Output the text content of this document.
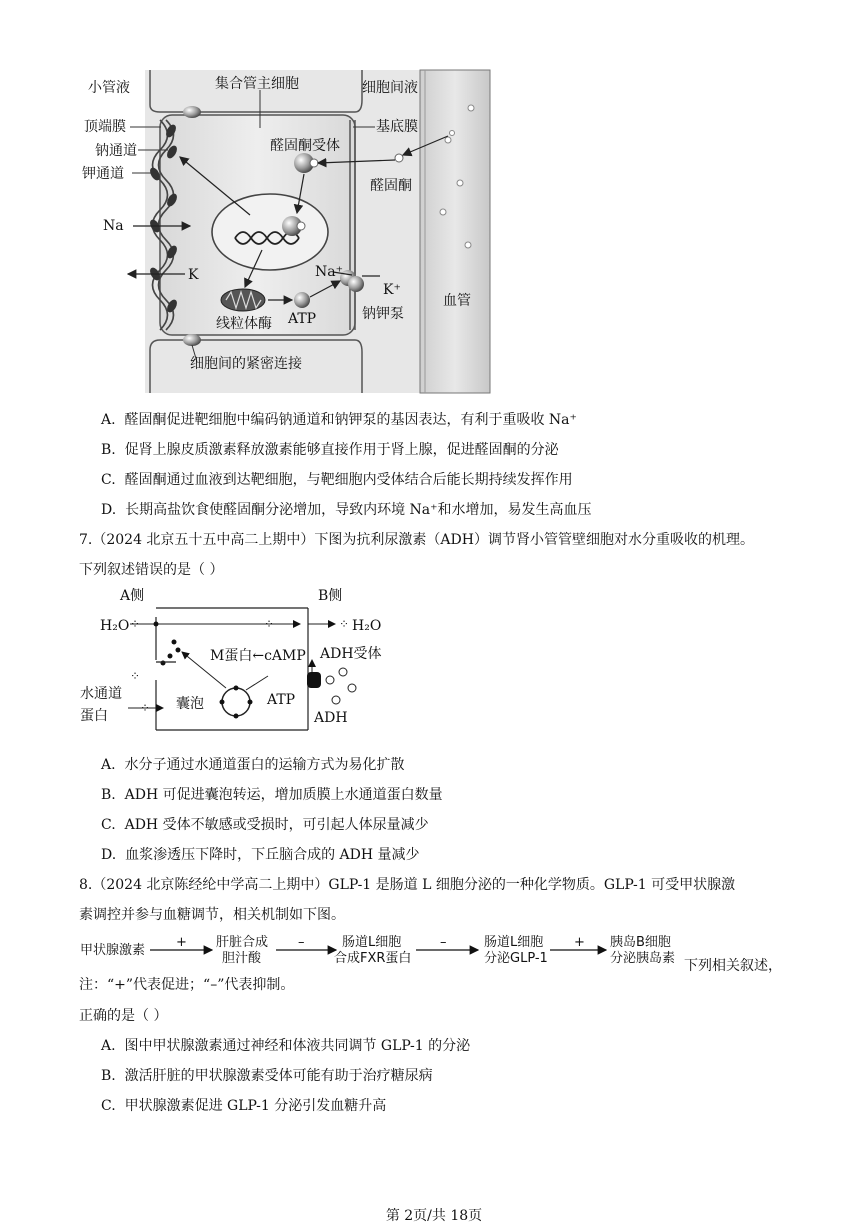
小管液	集合管主细胞	细胞间液
顶端膜	基底膜
钠通道	醛固酮受体
钾通道
醛固酮
Na
Na⁺
K
K⁺
血管
ATP
线粒体酶
钠钾泵
细胞间的紧密连接
A. 醛固酮促进靶细胞中编码钠通道和钠钾泵的基因表达，有利于重吸收 Na⁺
B. 促肾上腺皮质激素释放激素能够直接作用于肾上腺，促进醛固酮的分泌
C. 醛固酮通过血液到达靶细胞，与靶细胞内受体结合后能长期持续发挥作用
D. 长期高盐饮食使醛固酮分泌增加，导致内环境 Na⁺和水增加，易发生高血压
7.（2024 北京五十五中高二上期中）下图为抗利尿激素（ADH）调节肾小管管壁细胞对水分重吸收的机理。
下列叙述错误的是（ ）
⁘	⁘	⁘
⁘
⁘
A侧	B侧
H₂O	H₂O
M蛋白←cAMP ADH受体
ATP
ADH
囊泡
水通道
蛋白
A. 水分子通过水通道蛋白的运输方式为易化扩散
B. ADH 可促进囊泡转运，增加质膜上水通道蛋白数量
C. ADH 受体不敏感或受损时，可引起人体尿量减少
D. 血浆渗透压下降时，下丘脑合成的 ADH 量减少
8.（2024 北京陈经纶中学高二上期中）GLP-1 是肠道 L 细胞分泌的一种化学物质。GLP-1 可受甲状腺激
素调控并参与血糖调节，相关机制如下图。
甲状腺激素
+ 肝脏合成
胆汁酸
–	肠道L细胞
合成FXR蛋白
–	肠道L细胞
分泌GLP-1
+ 胰岛B细胞
分泌胰岛素 下列相关叙述，
注：“+”代表促进；“–”代表抑制。
正确的是（ ）
A. 图中甲状腺激素通过神经和体液共同调节 GLP-1 的分泌
B. 激活肝脏的甲状腺激素受体可能有助于治疗糖尿病
C. 甲状腺激素促进 GLP-1 分泌引发血糖升高
第 2页/共 18页
